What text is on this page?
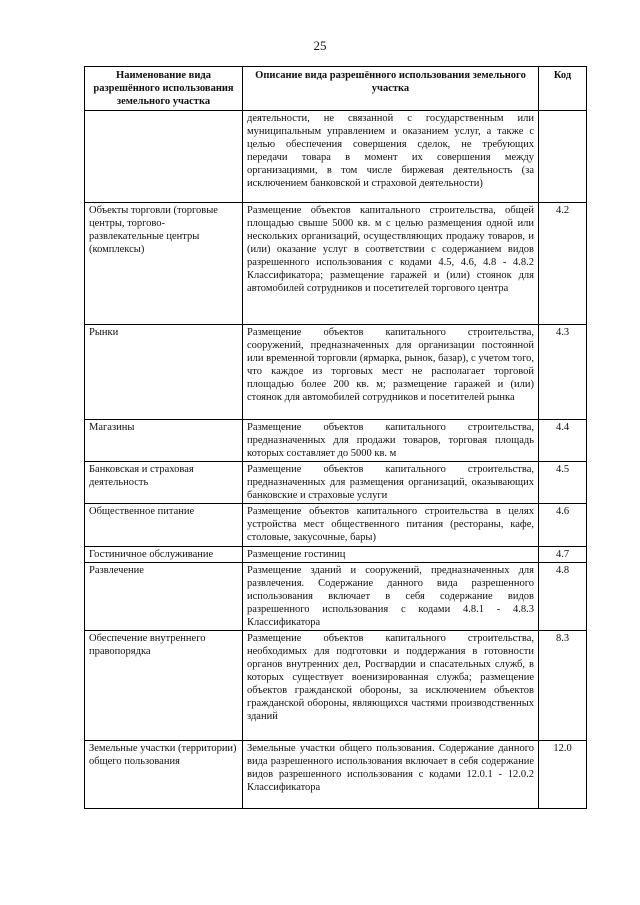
25
Наименование вида разрешённого использования земельного участка	Описание вида разрешённого использования земельного участка	Код
	деятельности, не связанной с государственным или муниципальным управлением и оказанием услуг, а также с целью обеспечения совершения сделок, не требующих передачи товара в момент их совершения между организациями, в том числе биржевая деятельность (за исключением банковской и страховой деятельности)	
Объекты торговли (торговые центры, торгово-развлекательные центры (комплексы)	Размещение объектов капитального строительства, общей площадью свыше 5000 кв. м с целью размещения одной или нескольких организаций, осуществляющих продажу товаров, и (или) оказание услуг в соответствии с содержанием видов разрешенного использования с кодами 4.5, 4.6, 4.8 - 4.8.2 Классификатора; размещение гаражей и (или) стоянок для автомобилей сотрудников и посетителей торгового центра	4.2
Рынки	Размещение объектов капитального строительства, сооружений, предназначенных для организации постоянной или временной торговли (ярмарка, рынок, базар), с учетом того, что каждое из торговых мест не располагает торговой площадью более 200 кв. м; размещение гаражей и (или) стоянок для автомобилей сотрудников и посетителей рынка	4.3
Магазины	Размещение объектов капитального строительства, предназначенных для продажи товаров, торговая площадь которых составляет до 5000 кв. м	4.4
Банковская и страховая деятельность	Размещение объектов капитального строительства, предназначенных для размещения организаций, оказывающих банковские и страховые услуги	4.5
Общественное питание	Размещение объектов капитального строительства в целях устройства мест общественного питания (рестораны, кафе, столовые, закусочные, бары)	4.6
Гостиничное обслуживание	Размещение гостиниц	4.7
Развлечение	Размещение зданий и сооружений, предназначенных для развлечения. Содержание данного вида разрешенного использования включает в себя содержание видов разрешенного использования с кодами 4.8.1 - 4.8.3 Классификатора	4.8
Обеспечение внутреннего правопорядка	Размещение объектов капитального строительства, необходимых для подготовки и поддержания в готовности органов внутренних дел, Росгвардии и спасательных служб, в которых существует военизированная служба; размещение объектов гражданской обороны, за исключением объектов гражданской обороны, являющихся частями производственных зданий	8.3
Земельные участки (территории) общего пользования	Земельные участки общего пользования. Содержание данного вида разрешенного использования включает в себя содержание видов разрешенного использования с кодами 12.0.1 - 12.0.2 Классификатора	12.0
